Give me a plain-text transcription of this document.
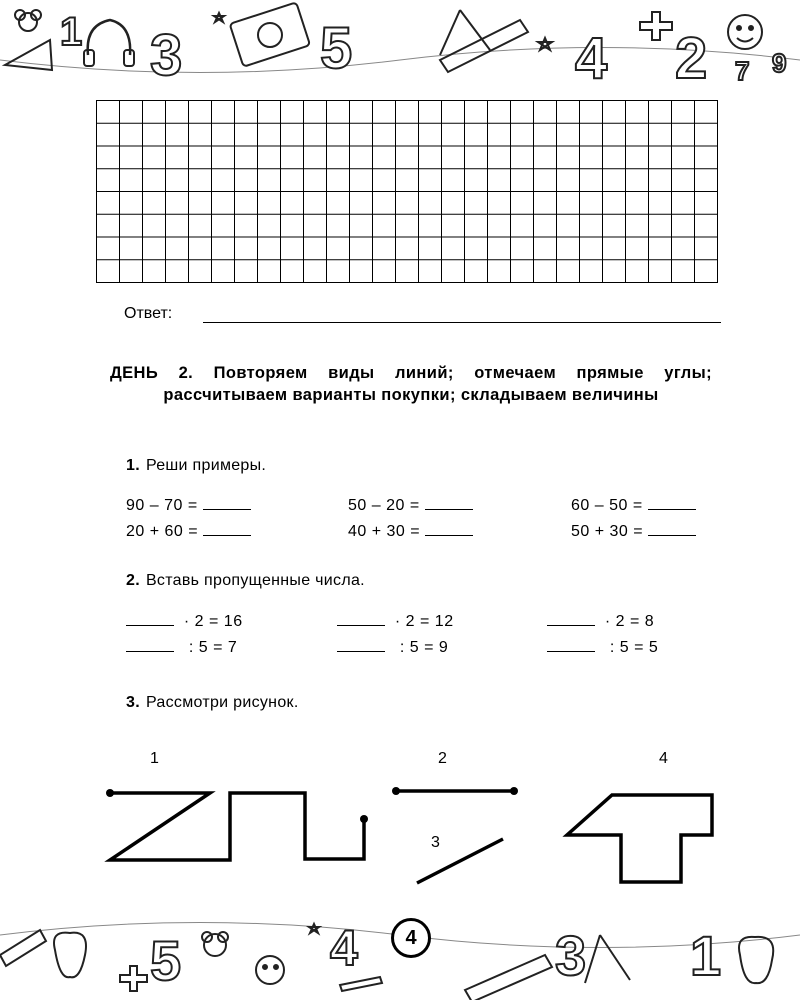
1 3 5	4 2 7 9
Ответ:
ДЕНЬ 2. Повторяем виды линий; отмечаем прямые углы; рассчитываем варианты покупки; складываем величины
1. Реши примеры.
90 – 70 =	50 – 20 =	60 – 50 =
20 + 60 =	40 + 30 =	50 + 30 =
2. Вставь пропущенные числа.
· 2 = 16	· 2 = 12	· 2 = 8
: 5 = 7	: 5 = 9	: 5 = 5
3. Рассмотри рисунок.
1	2
3
4
5	4	3 1
4
